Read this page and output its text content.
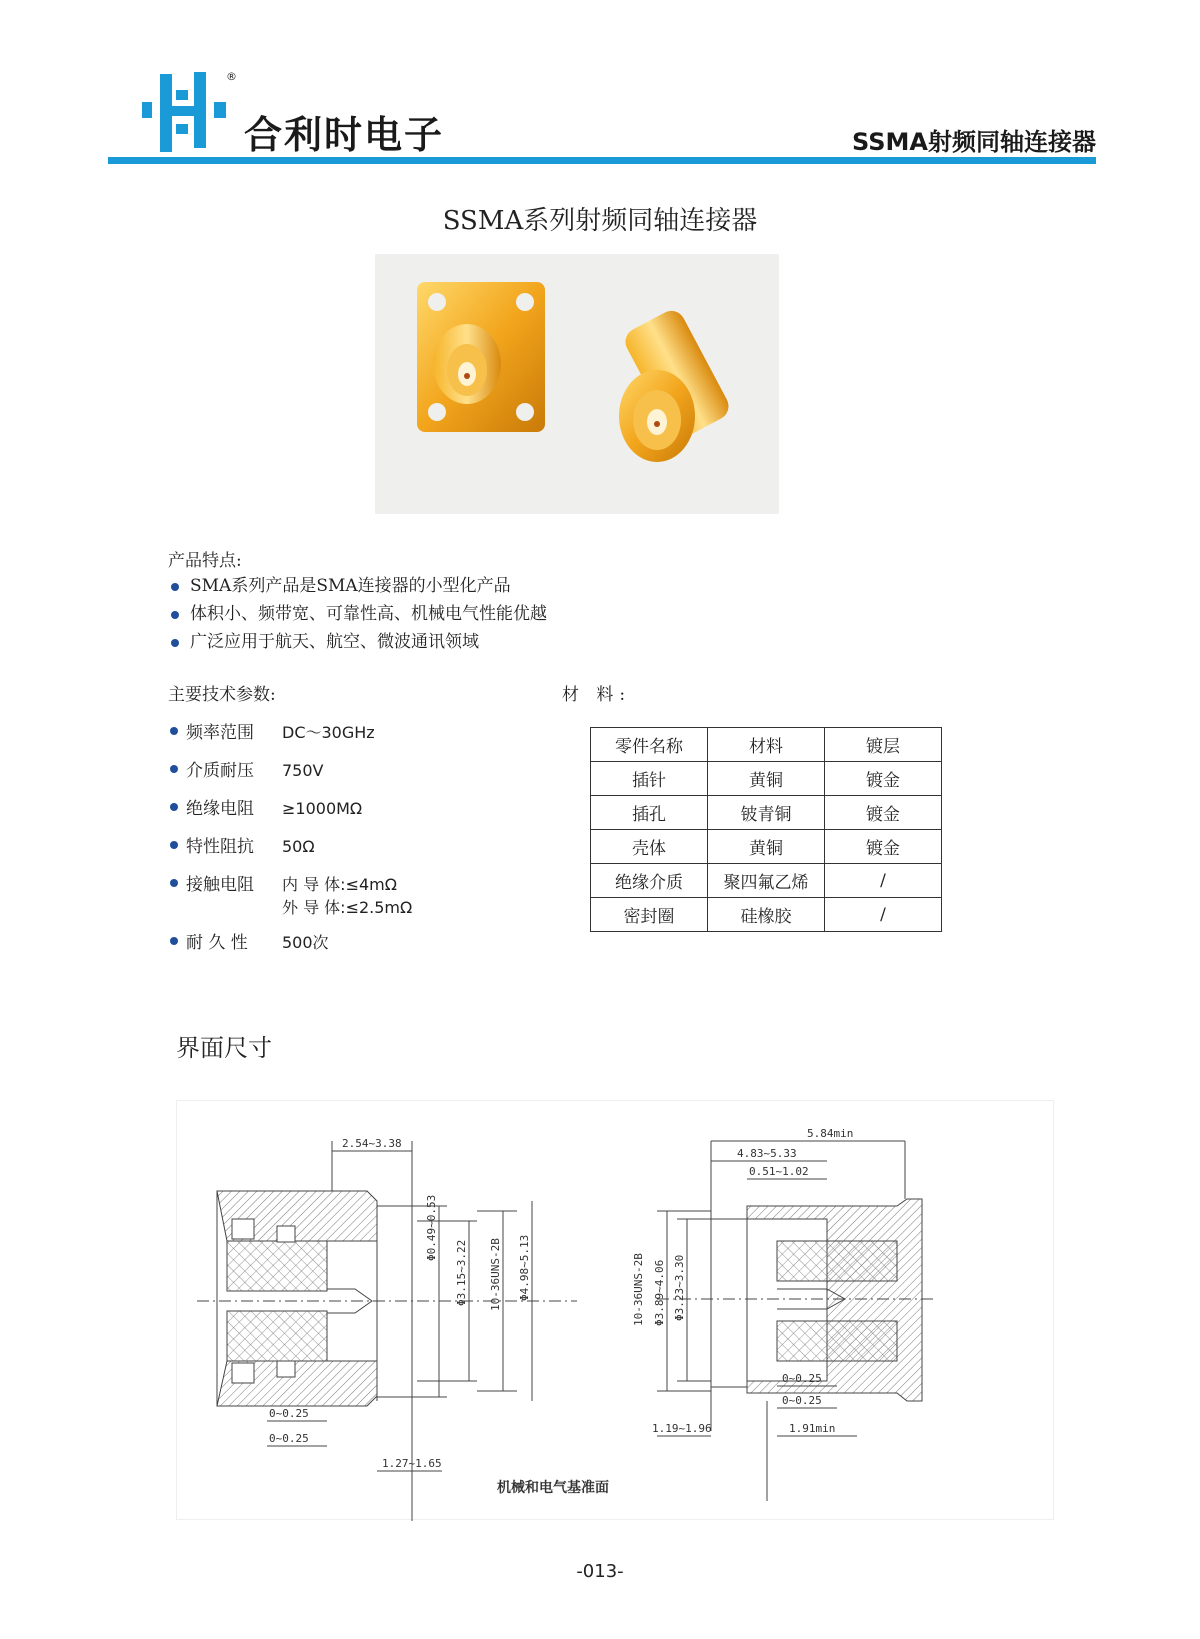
®
合利时电子	SSMA射频同轴连接器
SSMA系列射频同轴连接器
产品特点:
SMA系列产品是SMA连接器的小型化产品
体积小、频带宽、可靠性高、机械电气性能优越
广泛应用于航天、航空、微波通讯领域
主要技术参数:	材 料:
频率范围 DC～30GHz
介质耐压 750V
绝缘电阻 ≥1000MΩ
特性阻抗 50Ω
接触电阻 内 导 体:≤4mΩ
外 导 体:≤2.5mΩ
耐 久 性 500次
零件名称	材料	镀层
插针	黄铜	镀金
插孔	铍青铜	镀金
壳体	黄铜	镀金
绝缘介质	聚四氟乙烯	/
密封圈	硅橡胶	/
界面尺寸
2.54~3.38
Φ0.49~0.53
Φ3.15~3.22 10-36UNS-2B Φ4.98~5.13
0~0.25
0~0.25
1.27~1.65
5.84min
4.83~5.33
0.51~1.02
10-36UNS-2B Φ3.89~4.06 Φ3.23~3.30
0~0.25
0~0.25
1.19~1.96	1.91min
机械和电气基准面
-013-
